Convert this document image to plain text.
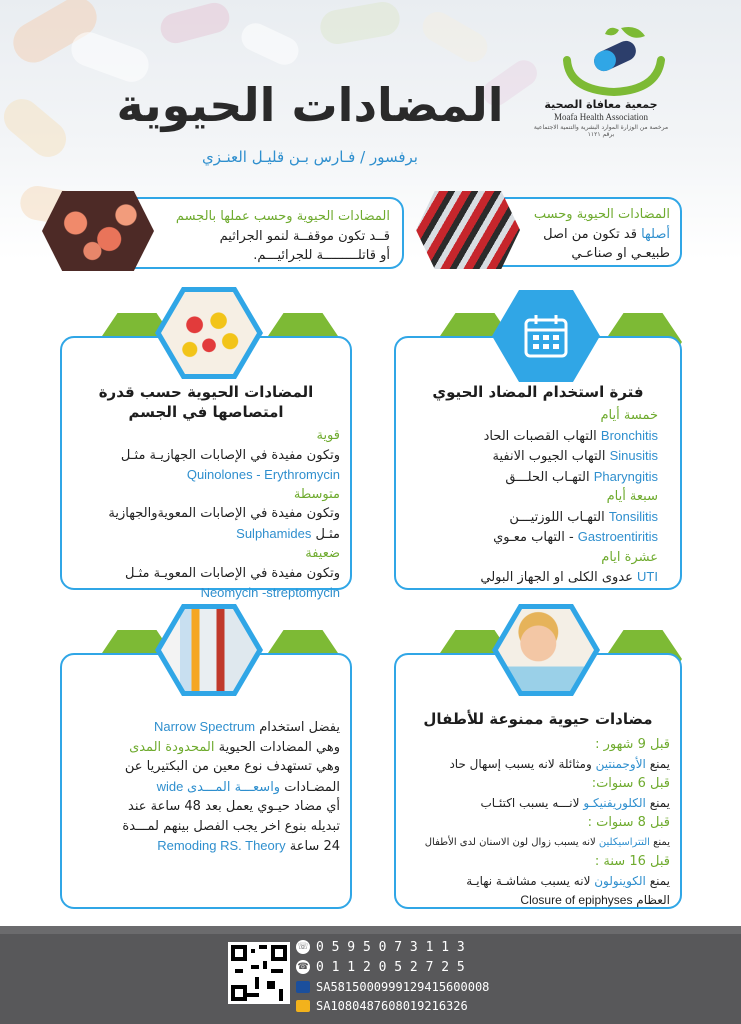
جمعية معافاة الصحية
Moafa Health Association
مرخصة من الوزارة الموارد البشرية والتنمية الاجتماعية برقم ١١٢١
المضادات الحيوية
برفسور / فـارس بـن قليـل العنـزي
المضادات الحيوية وحسب عملها بالجسم
قــد تكون موقفــة لنمو الجراثيم
أو قاتلـــــــــة للجرائيـــم.
المضادات الحيوية وحسب
أصلها قد تكون من اصل
طبيعـي او صناعـي
المضادات الحيوية حسب قدرة
امتصاصها في الجسم
قوية
وتكون مفيدة في الإصابات الجهازيـة مثـل
Quinolones - Erythromycin
متوسطة
وتكون مفيدة في الإصابات المعويةوالجهازية
مثـل Sulphamides
ضعيفة
وتكون مفيدة في الإصابات المعويـة مثـل
Neomycin -streptomycin
فترة استخدام المضاد الحيوي
خمسة أيام
Bronchitis التهاب القصبات الحاد
Sinusitis التهاب الجيوب الانفية
Pharyngitis التهـاب الحلـــق
سبعة أيام
Tonsilitis التهـاب اللوزتيـــن
Gastroentiritis - التهاب معـوي
عشرة ايام
UTI عدوى الكلى او الجهاز البولي
يفضل استخدام Narrow Spectrum
وهي المضادات الحيوية المحدودة المدى
وهي تستهدف نوع معين من البكتيريا عن
المضـادات واسعـــة المـــدى wide
أي مضاد حيـوي يعمل بعد 48 ساعة عند
تبديله بنوع اخر يجب الفصل بينهم لمـــدة
24 ساعة Remoding RS. Theory
مضادات حيوية ممنوعة للأطفال
قبل 9 شهور :
يمنع الأوجمنتين ومثائلة لانه يسبب إسهال حاد
قبل 6 سنوات:
يمنع الكلوريفنيكـو لانـــه يسبب اكتئـاب
قبل 8 سنوات :
يمنع التتراسيكلين لانه يسبب زوال لون الاسنان لدى الأطفال
قبل 16 سنة :
يمنع الكوينولون لانه يسبب مشاشـة نهايـة
العظام Closure of epiphyses
☏ 0 5 9 5 0 7 3 1 1 3
☎ 0 1 1 2 0 5 2 7 2 5
SA5815000999129415600008
SA1080487608019216326
